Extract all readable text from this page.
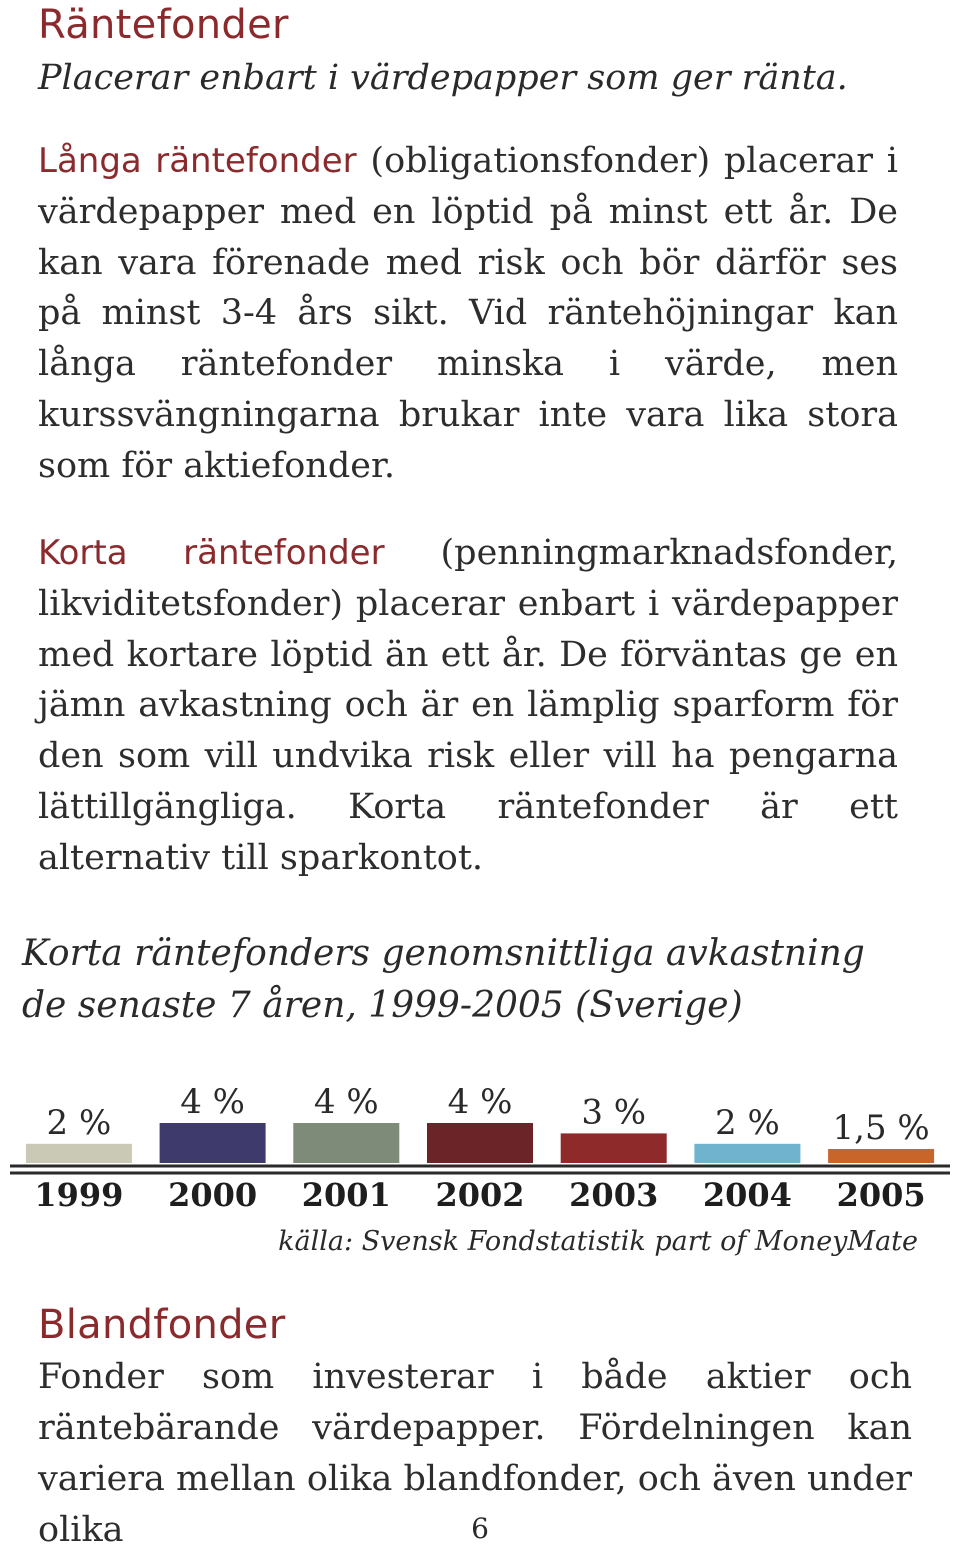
Räntefonder

Placerar enbart i värdepapper som ger ränta.

Långa räntefonder (obligationsfonder) placerar i värdepapper med en löptid på minst ett år. De kan vara förenade med risk och bör därför ses på minst 3-4 års sikt. Vid räntehöjningar kan långa räntefonder minska i värde, men kurssvängningarna brukar inte vara lika stora som för aktiefonder.

Korta räntefonder (penningmarknadsfonder, likviditetsfonder) placerar enbart i värdepapper med kortare löptid än ett år. De förväntas ge en jämn avkastning och är en lämplig sparform för den som vill undvika risk eller vill ha pengarna lättillgängliga. Korta räntefonder är ett alternativ till sparkontot.

Korta räntefonders genomsnittliga avkastning de senaste 7 åren, 1999-2005 (Sverige)

2 %
1999
4 %
2000
4 %
2001
4 %
2002
3 %
2003
2 %
2004
1,5 %
2005

källa: Svensk Fondstatistik part of MoneyMate

Blandfonder

Fonder som investerar i både aktier och räntebärande värdepapper. Fördelningen kan variera mellan olika blandfonder, och även under olika	6
